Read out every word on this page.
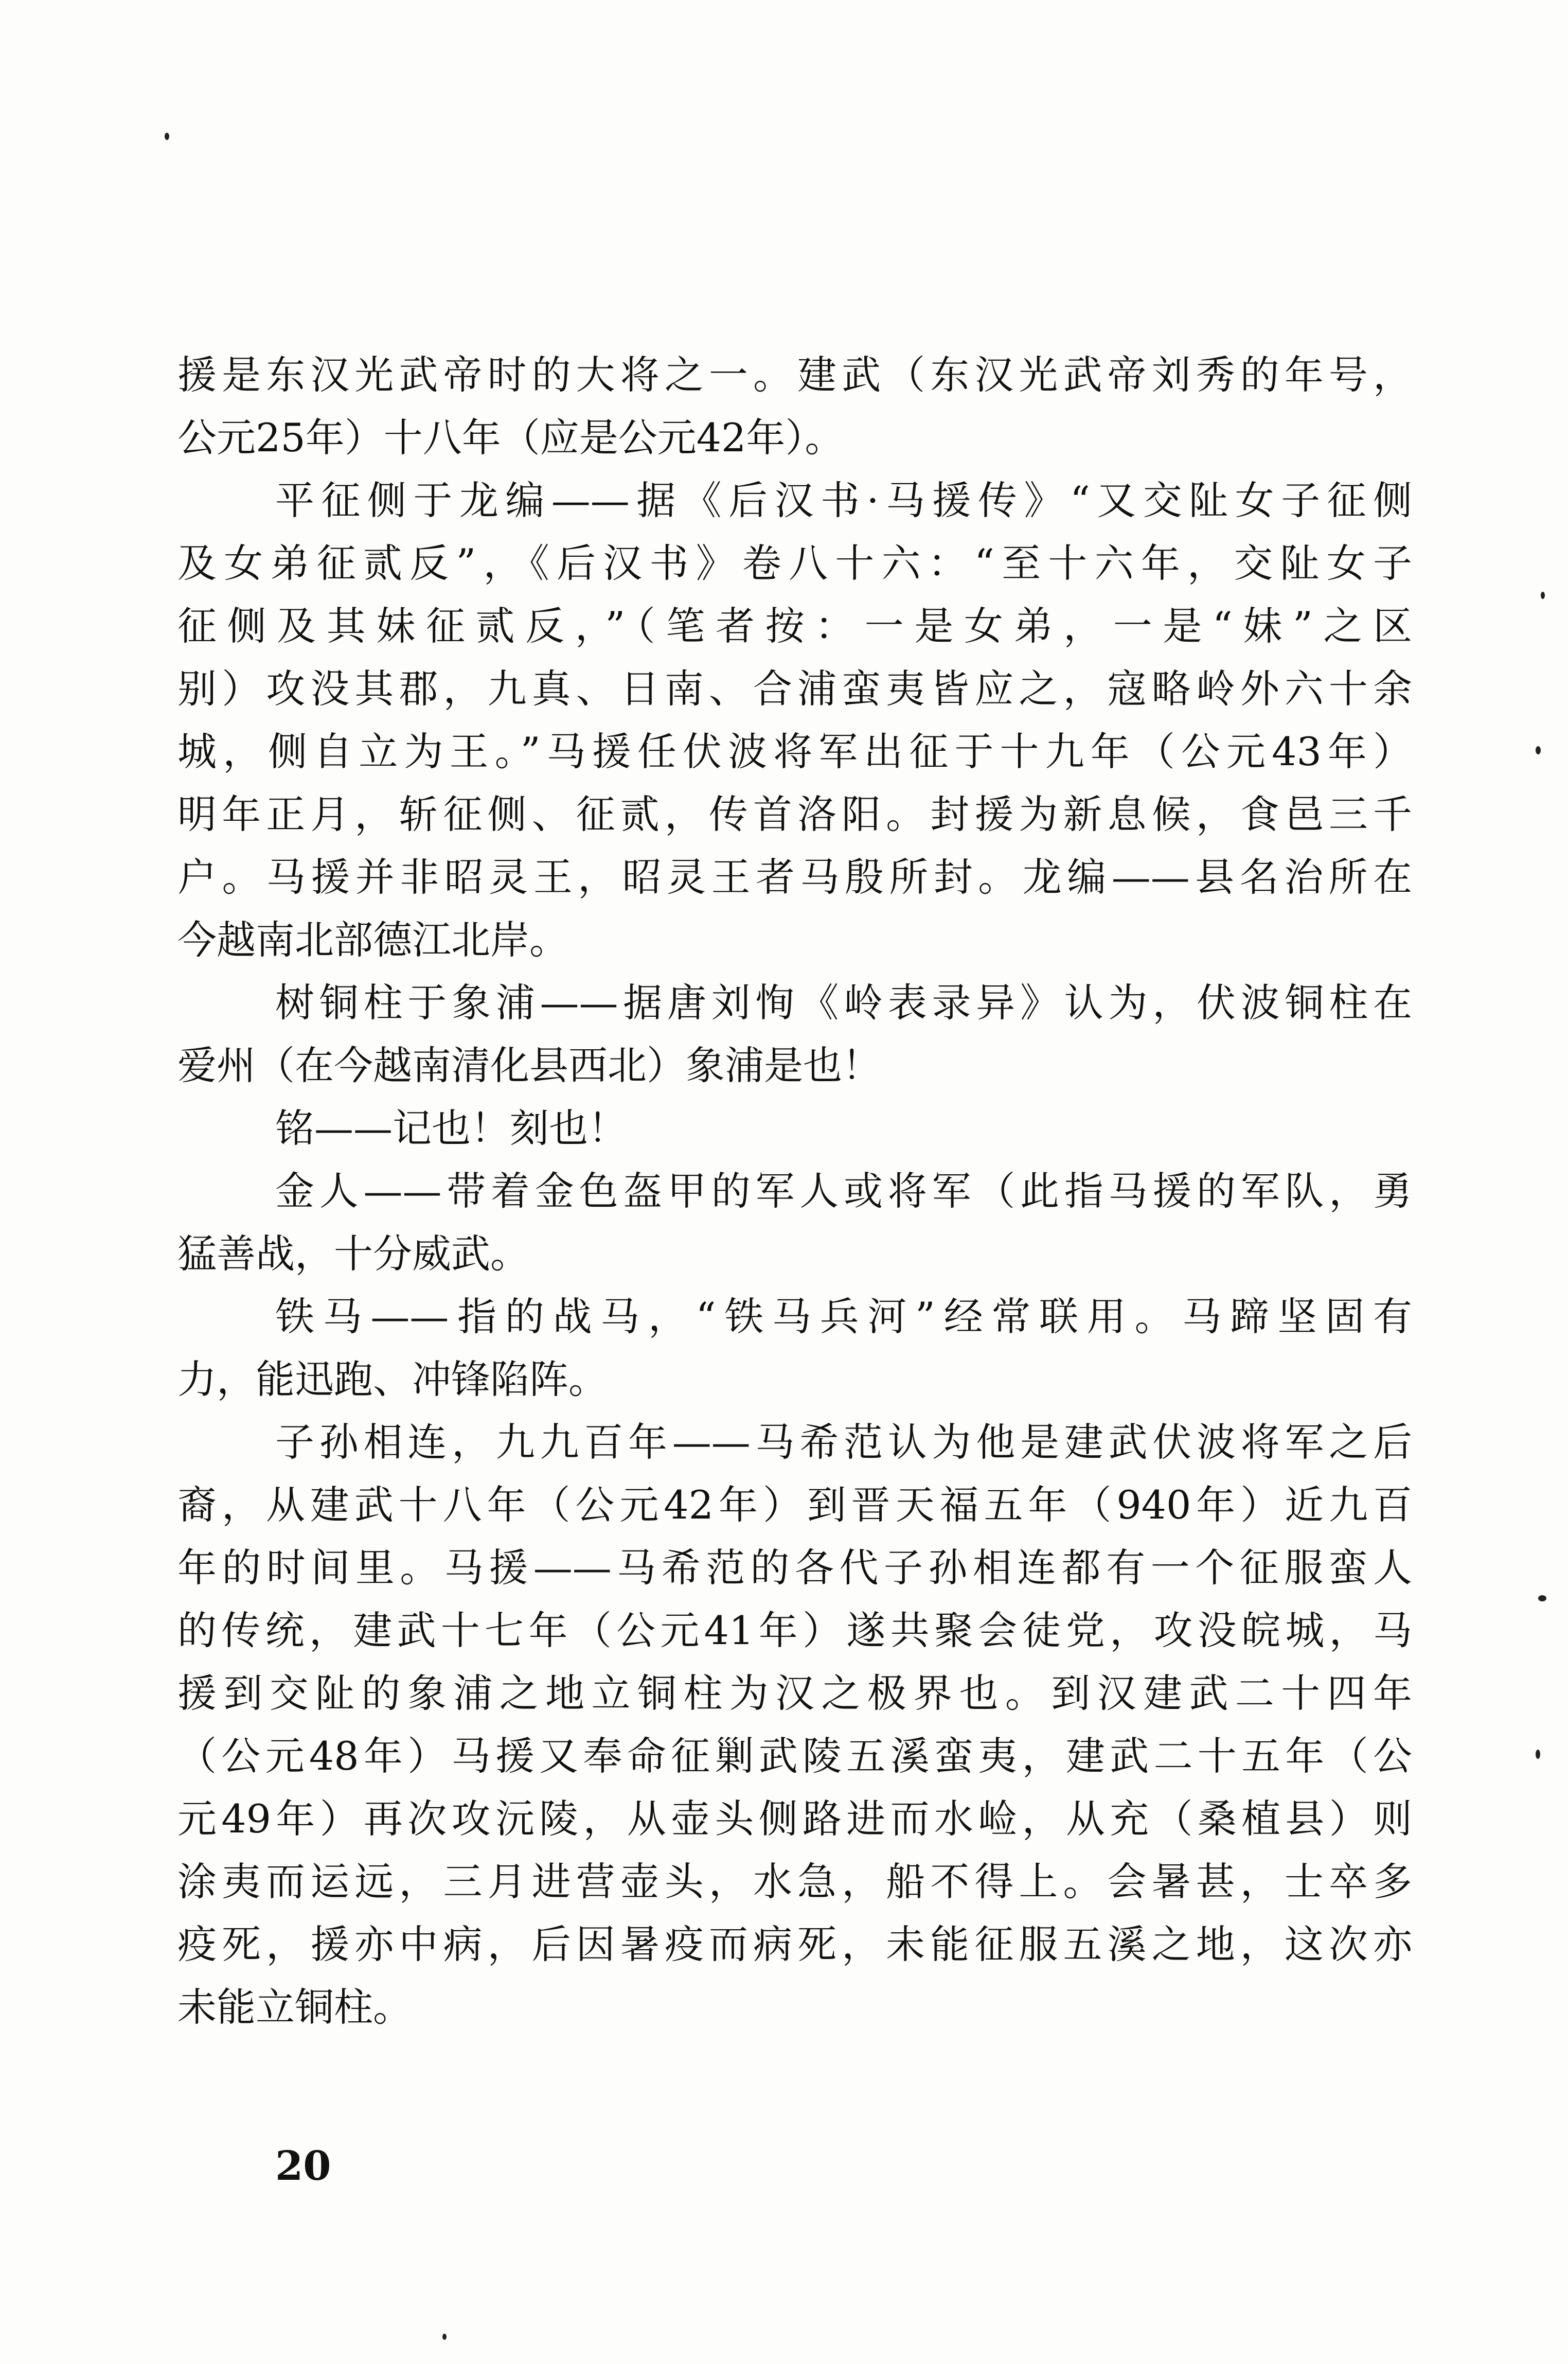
援是东汉光武帝时的大将之一。建武（东汉光武帝刘秀的年号，
公元25年）十八年（应是公元42年）。
平征侧于龙编——据《后汉书·马援传》“又交阯女子征侧
及女弟征贰反”，《后汉书》卷八十六：“至十六年，交阯女子
征侧及其妹征贰反，”（笔者按：一是女弟，一是“妹”之区
别）攻没其郡，九真、日南、合浦蛮夷皆应之，寇略岭外六十余
城，侧自立为王。”马援任伏波将军出征于十九年（公元43年）
明年正月，斩征侧、征贰，传首洛阳。封援为新息候，食邑三千
户。马援并非昭灵王，昭灵王者马殷所封。龙编——县名治所在
今越南北部德江北岸。
树铜柱于象浦——据唐刘恂《岭表录异》认为，伏波铜柱在
爱州（在今越南清化县西北）象浦是也！
铭——记也！刻也！
金人——带着金色盔甲的军人或将军（此指马援的军队，勇
猛善战，十分威武。
铁马——指的战马，“铁马兵河”经常联用。马蹄坚固有
力，能迅跑、冲锋陷阵。
子孙相连，九九百年——马希范认为他是建武伏波将军之后
裔，从建武十八年（公元42年）到晋天福五年（940年）近九百
年的时间里。马援——马希范的各代子孙相连都有一个征服蛮人
的传统，建武十七年（公元41年）遂共聚会徒党，攻没皖城，马
援到交阯的象浦之地立铜柱为汉之极界也。到汉建武二十四年
（公元48年）马援又奉命征剿武陵五溪蛮夷，建武二十五年（公
元49年）再次攻沅陵，从壶头侧路进而水崄，从充（桑植县）则
涂夷而运远，三月进营壶头，水急，船不得上。会暑甚，士卒多
疫死，援亦中病，后因暑疫而病死，未能征服五溪之地，这次亦
未能立铜柱。
20
